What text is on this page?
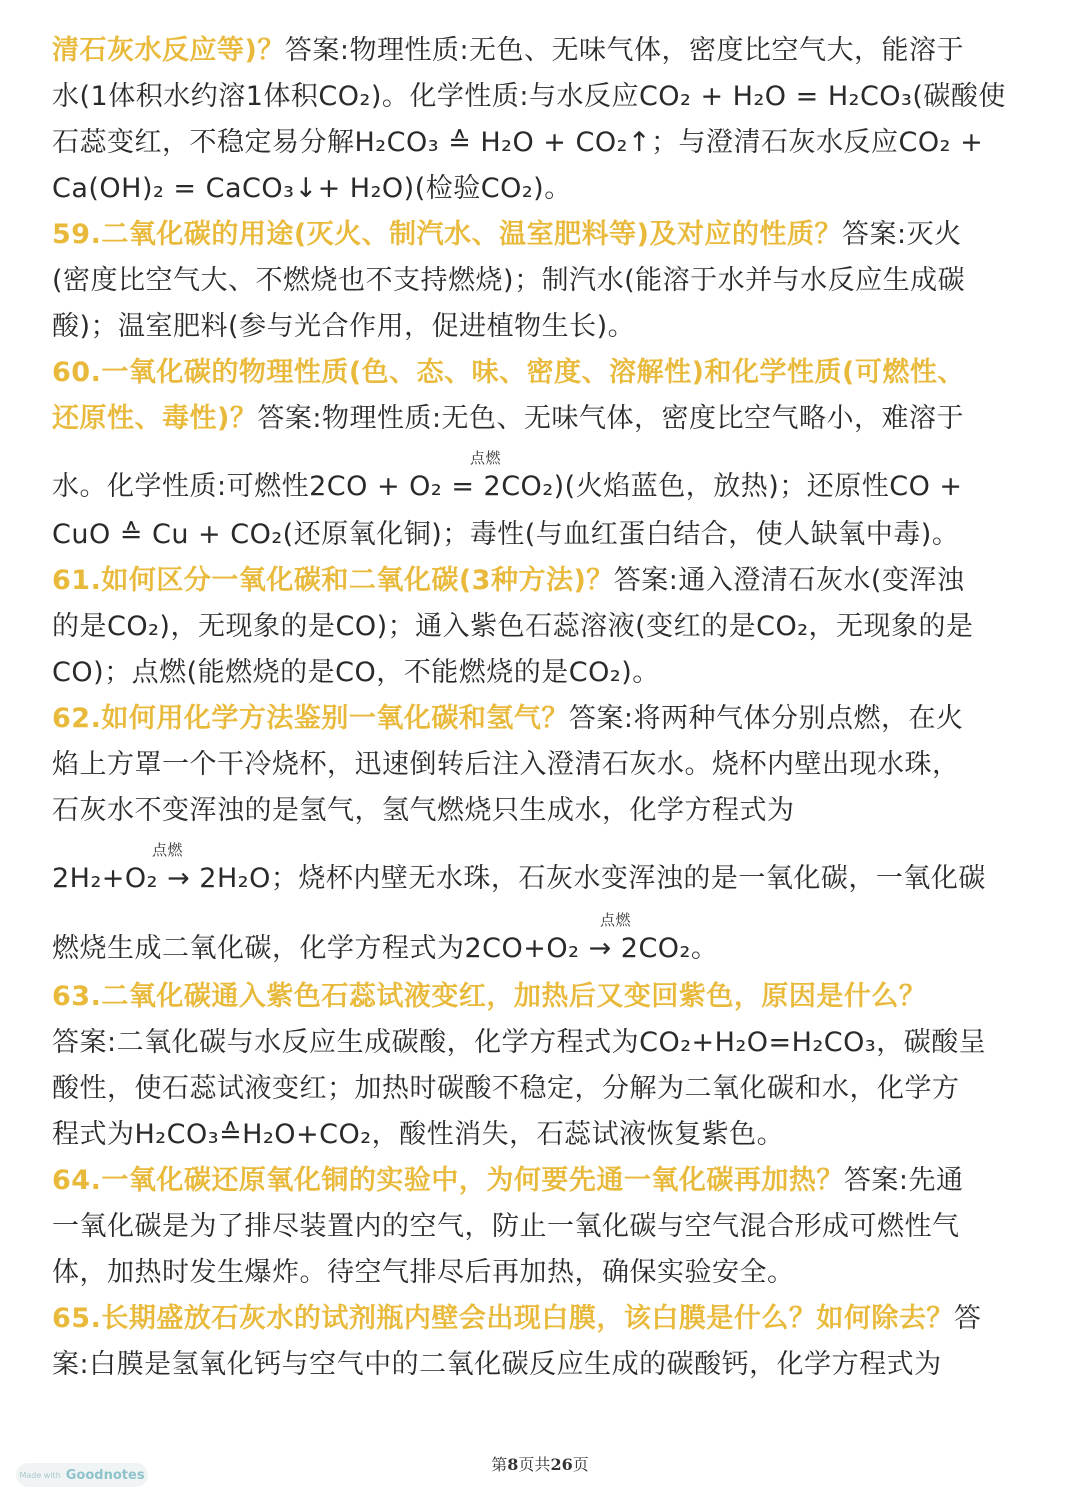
清石灰水反应等)？答案:物理性质:无色、无味气体，密度比空气大，能溶于
水(1体积水约溶1体积CO₂)。化学性质:与水反应CO₂ + H₂O = H₂CO₃(碳酸使
石蕊变红，不稳定易分解H₂CO₃ ≙ H₂O + CO₂↑；与澄清石灰水反应CO₂ +
Ca(OH)₂ = CaCO₃↓+ H₂O)(检验CO₂)。
59.二氧化碳的用途(灭火、制汽水、温室肥料等)及对应的性质？答案:灭火
(密度比空气大、不燃烧也不支持燃烧)；制汽水(能溶于水并与水反应生成碳
酸)；温室肥料(参与光合作用，促进植物生长)。
60.一氧化碳的物理性质(色、态、味、密度、溶解性)和化学性质(可燃性、
还原性、毒性)？答案:物理性质:无色、无味气体，密度比空气略小，难溶于
点燃
水。化学性质:可燃性2CO + O₂ = 2CO₂)(火焰蓝色，放热)；还原性CO +
CuO ≙ Cu + CO₂(还原氧化铜)；毒性(与血红蛋白结合，使人缺氧中毒)。
61.如何区分一氧化碳和二氧化碳(3种方法)？答案:通入澄清石灰水(变浑浊
的是CO₂)，无现象的是CO)；通入紫色石蕊溶液(变红的是CO₂，无现象的是
CO)；点燃(能燃烧的是CO，不能燃烧的是CO₂)。
62.如何用化学方法鉴别一氧化碳和氢气？答案:将两种气体分别点燃，在火
焰上方罩一个干冷烧杯，迅速倒转后注入澄清石灰水。烧杯内壁出现水珠，
石灰水不变浑浊的是氢气，氢气燃烧只生成水，化学方程式为
点燃
2H₂+O₂ → 2H₂O；烧杯内壁无水珠，石灰水变浑浊的是一氧化碳，一氧化碳
点燃
燃烧生成二氧化碳，化学方程式为2CO+O₂ → 2CO₂。
63.二氧化碳通入紫色石蕊试液变红，加热后又变回紫色，原因是什么？
答案:二氧化碳与水反应生成碳酸，化学方程式为CO₂+H₂O=H₂CO₃，碳酸呈
酸性，使石蕊试液变红；加热时碳酸不稳定，分解为二氧化碳和水，化学方
程式为H₂CO₃≙H₂O+CO₂，酸性消失，石蕊试液恢复紫色。
64.一氧化碳还原氧化铜的实验中，为何要先通一氧化碳再加热？答案:先通
一氧化碳是为了排尽装置内的空气，防止一氧化碳与空气混合形成可燃性气
体，加热时发生爆炸。待空气排尽后再加热，确保实验安全。
65.长期盛放石灰水的试剂瓶内壁会出现白膜，该白膜是什么？如何除去？答
案:白膜是氢氧化钙与空气中的二氧化碳反应生成的碳酸钙，化学方程式为
第8页共26页
Made with Goodnotes
